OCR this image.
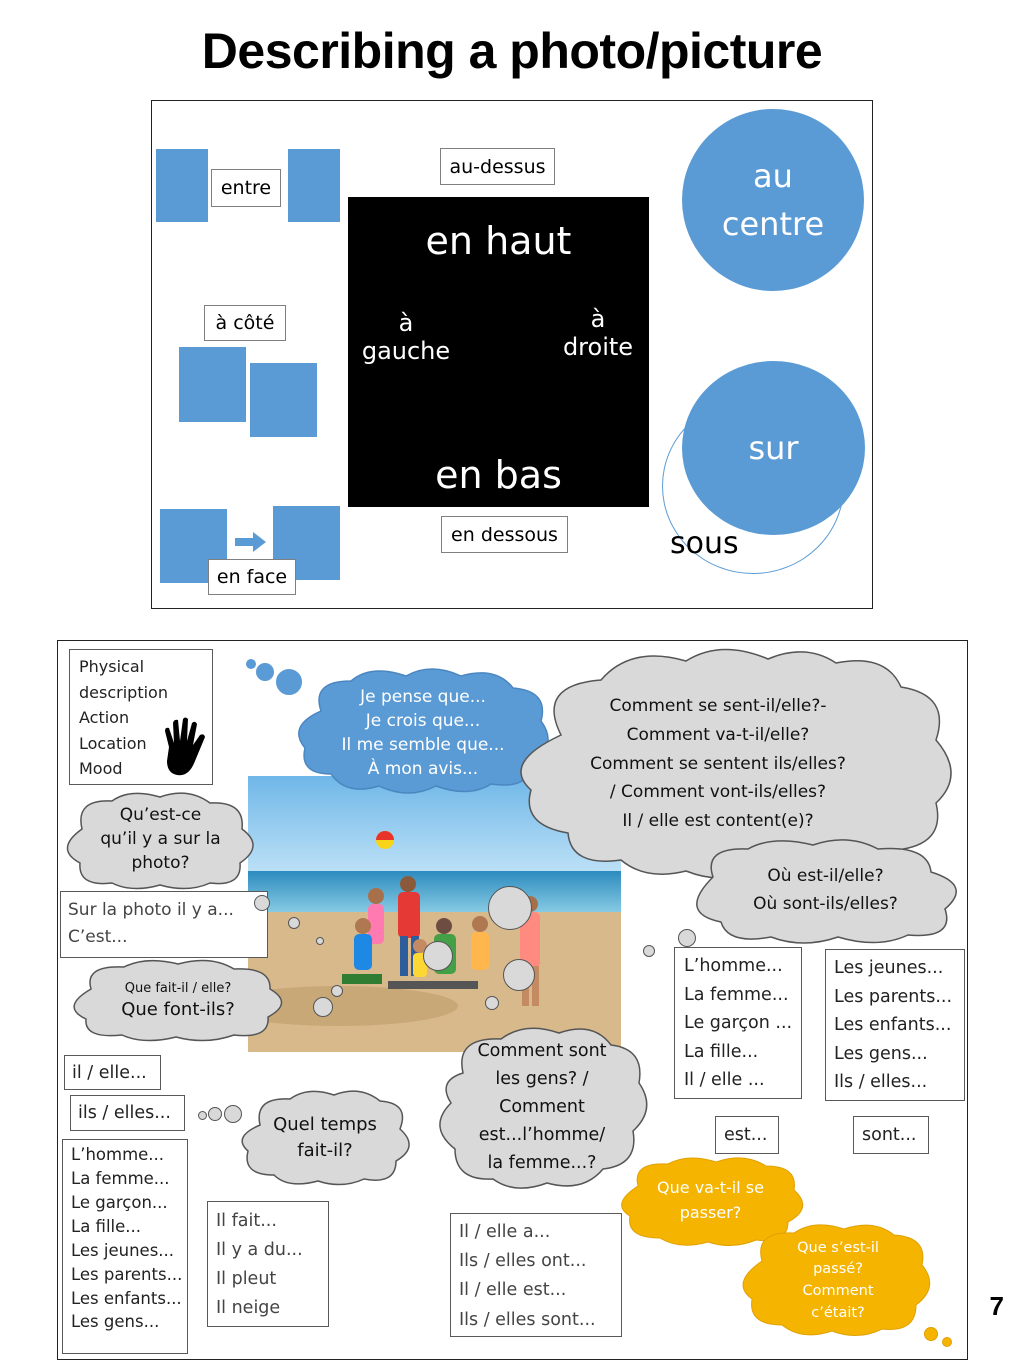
Describing a photo/picture
entre
au-dessus
à côté
en face
en haut
à
gauche
à
droite
en bas
en dessous
au
centre
sur
sous
Physical
description
Action
Location
Mood
Je pense que...
Je crois que...
Il me semble que...
À mon avis...
Comment se sent-il/elle?-
Comment va-t-il/elle?
Comment se sentent ils/elles?
/ Comment vont-ils/elles?
Il / elle est content(e)?
Qu’est-ce
qu’il y a sur la
photo?
Où est-il/elle?
Où sont-ils/elles?
Sur la photo il y a...
C’est...
Que fait-il / elle?
Que font-ils?
il / elle...
ils / elles...
Quel temps
fait-il?
Comment sont
les gens? /
Comment
est...l’homme/
la femme...?
L’homme...
La femme...
Le garçon ...
La fille...
Il / elle ...
Les jeunes...
Les parents...
Les enfants...
Les gens...
Ils / elles...
est...	sont...
L’homme...
La femme...
Le garçon...
La fille...
Les jeunes...
Les parents...
Les enfants...
Les gens...
Il fait...
Il y a du...
Il pleut
Il neige
Il / elle a...
Ils / elles ont...
Il / elle est...
Ils / elles sont...
Que va-t-il se
passer?
Que s’est-il
passé?
Comment
c’était?	7
